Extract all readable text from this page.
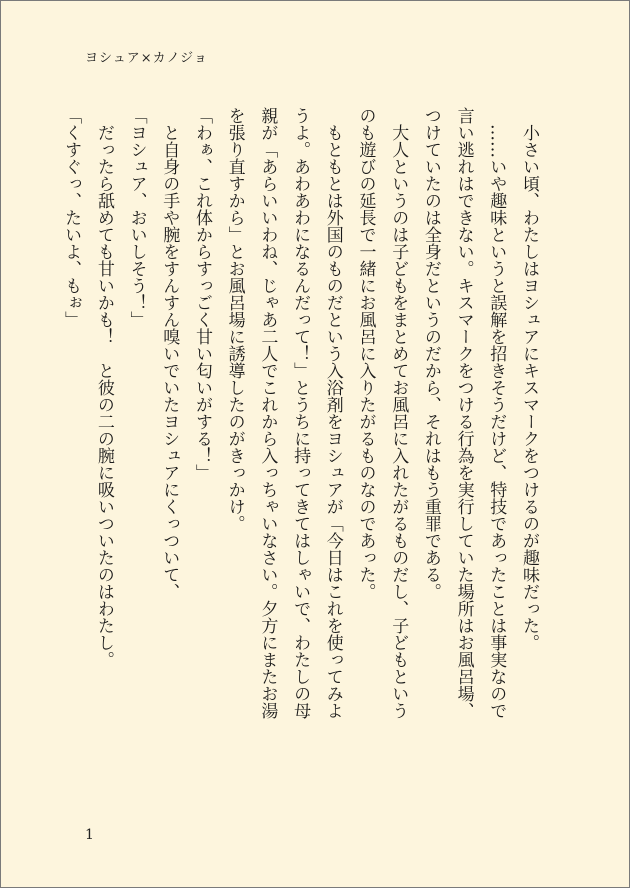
ヨシュア×カノジョ

　小さい頃、わたしはヨシュアにキスマークをつけるのが趣味だった。

　……いや趣味というと誤解を招きそうだけど、特技であったことは事実なので

言い逃れはできない。キスマークをつける行為を実行していた場所はお風呂場、

つけていたのは全身だというのだから、それはもう重罪である。

　大人というのは子どもをまとめてお風呂に入れたがるものだし、子どもという

のも遊びの延長で一緒にお風呂に入りたがるものなのであった。

　もともとは外国のものだという入浴剤をヨシュアが「今日はこれを使ってみよ

うよ。あわあわになるんだって！」とうちに持ってきてはしゃいで、わたしの母

親が「あらいいわね、じゃあ二人でこれから入っちゃいなさい。夕方にまたお湯

を張り直すから」とお風呂場に誘導したのがきっかけ。

「わぁ、これ体からすっごく甘い匂いがする！」

　と自身の手や腕をすんすん嗅いでいたヨシュアにくっついて、

「ヨシュア、おいしそう！」

　だったら舐めても甘いかも！　と彼の二の腕に吸いついたのはわたし。

「くすぐっ、たいよ、もぉ」

1
